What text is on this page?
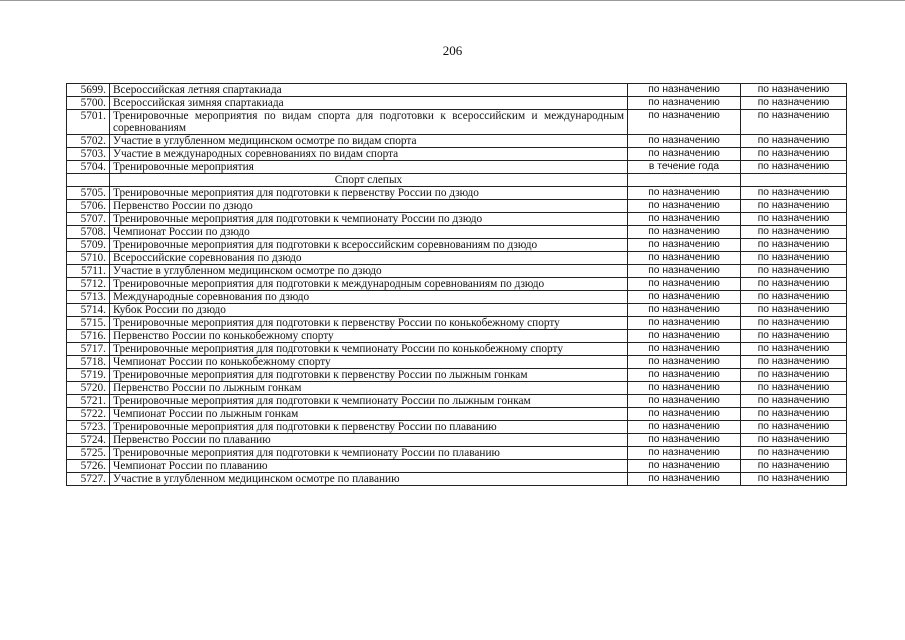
206
5699.	Всероссийская летняя спартакиада	по назначению	по назначению
5700.	Всероссийская зимняя спартакиада	по назначению	по назначению
5701.	Тренировочные мероприятия по видам спорта для подготовки к всероссийским и международным соревнованиям	по назначению	по назначению
5702.	Участие в углубленном медицинском осмотре по видам спорта	по назначению	по назначению
5703.	Участие в международных соревнованиях по видам спорта	по назначению	по назначению
5704.	Тренировочные мероприятия	в течение года	по назначению
	Спорт слепых		
5705.	Тренировочные мероприятия для подготовки к первенству России по дзюдо	по назначению	по назначению
5706.	Первенство России по дзюдо	по назначению	по назначению
5707.	Тренировочные мероприятия для подготовки к чемпионату России по дзюдо	по назначению	по назначению
5708.	Чемпионат России по дзюдо	по назначению	по назначению
5709.	Тренировочные мероприятия для подготовки к всероссийским соревнованиям по дзюдо	по назначению	по назначению
5710.	Всероссийские соревнования по дзюдо	по назначению	по назначению
5711.	Участие в углубленном медицинском осмотре по дзюдо	по назначению	по назначению
5712.	Тренировочные мероприятия для подготовки к международным соревнованиям по дзюдо	по назначению	по назначению
5713.	Международные соревнования по дзюдо	по назначению	по назначению
5714.	Кубок России по дзюдо	по назначению	по назначению
5715.	Тренировочные мероприятия для подготовки к первенству России по конькобежному спорту	по назначению	по назначению
5716.	Первенство России по конькобежному спорту	по назначению	по назначению
5717.	Тренировочные мероприятия для подготовки к чемпионату России по конькобежному спорту	по назначению	по назначению
5718.	Чемпионат России по конькобежному спорту	по назначению	по назначению
5719.	Тренировочные мероприятия для подготовки к первенству России по лыжным гонкам	по назначению	по назначению
5720.	Первенство России по лыжным гонкам	по назначению	по назначению
5721.	Тренировочные мероприятия для подготовки к чемпионату России по лыжным гонкам	по назначению	по назначению
5722.	Чемпионат России по лыжным гонкам	по назначению	по назначению
5723.	Тренировочные мероприятия для подготовки к первенству России по плаванию	по назначению	по назначению
5724.	Первенство России по плаванию	по назначению	по назначению
5725.	Тренировочные мероприятия для подготовки к чемпионату России по плаванию	по назначению	по назначению
5726.	Чемпионат России по плаванию	по назначению	по назначению
5727.	Участие в углубленном медицинском осмотре по плаванию	по назначению	по назначению
